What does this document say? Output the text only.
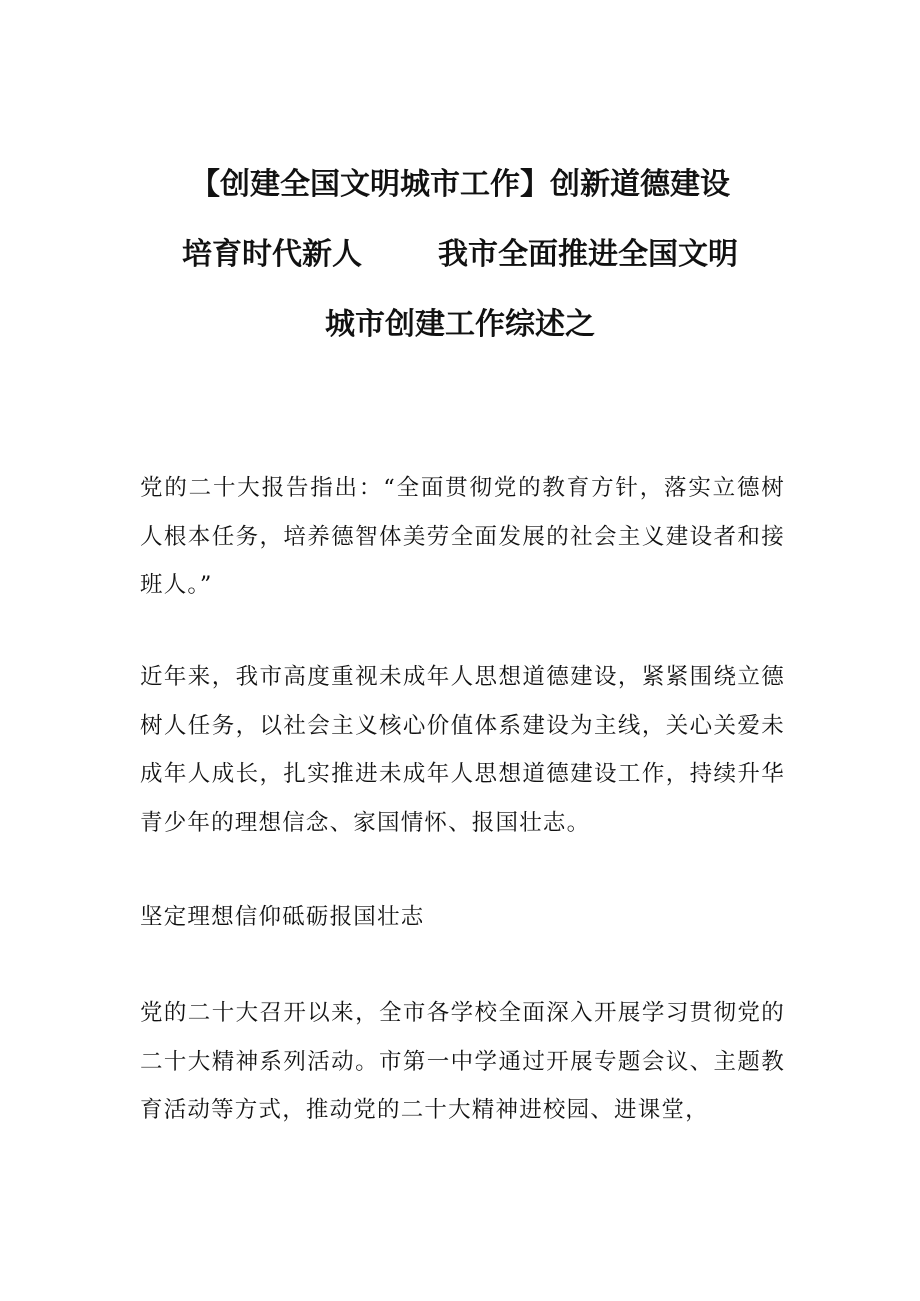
【创建全国文明城市工作】创新道德建设
培育时代新人	我市全面推进全国文明
城市创建工作综述之

党的二十大报告指出：“全面贯彻党的教育方针，落实立德树人根本任务，培养德智体美劳全面发展的社会主义建设者和接班人。”

近年来，我市高度重视未成年人思想道德建设，紧紧围绕立德树人任务，以社会主义核心价值体系建设为主线，关心关爱未成年人成长，扎实推进未成年人思想道德建设工作，持续升华青少年的理想信念、家国情怀、报国壮志。

坚定理想信仰砥砺报国壮志

党的二十大召开以来，全市各学校全面深入开展学习贯彻党的二十大精神系列活动。市第一中学通过开展专题会议、主题教育活动等方式，推动党的二十大精神进校园、进课堂，
